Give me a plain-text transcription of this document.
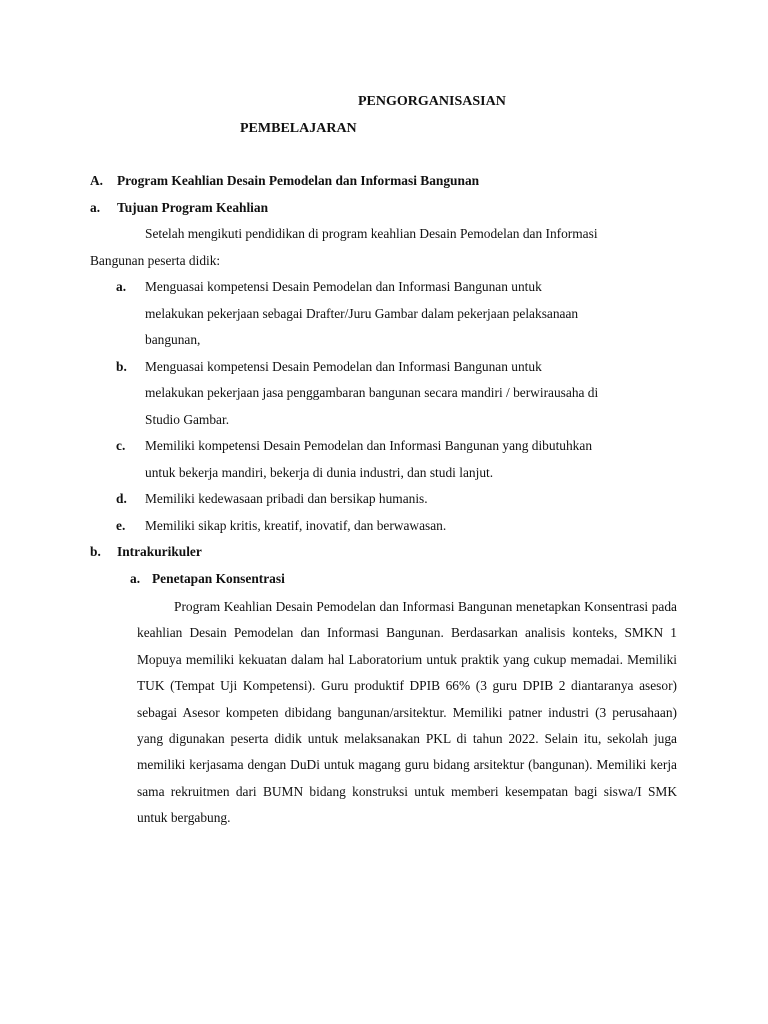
PENGORGANISASIAN
PEMBELAJARAN
A. Program Keahlian Desain Pemodelan dan Informasi Bangunan
a. Tujuan Program Keahlian
Setelah mengikuti pendidikan di program keahlian Desain Pemodelan dan Informasi
Bangunan peserta didik:
a. Menguasai kompetensi Desain Pemodelan dan Informasi Bangunan untuk
melakukan pekerjaan sebagai Drafter/Juru Gambar dalam pekerjaan pelaksanaan
bangunan,
b. Menguasai kompetensi Desain Pemodelan dan Informasi Bangunan untuk
melakukan pekerjaan jasa penggambaran bangunan secara mandiri / berwirausaha di
Studio Gambar.
c. Memiliki kompetensi Desain Pemodelan dan Informasi Bangunan yang dibutuhkan
untuk bekerja mandiri, bekerja di dunia industri, dan studi lanjut.
d. Memiliki kedewasaan pribadi dan bersikap humanis.
e. Memiliki sikap kritis, kreatif, inovatif, dan berwawasan.
b. Intrakurikuler
a. Penetapan Konsentrasi
Program Keahlian Desain Pemodelan dan Informasi Bangunan menetapkan Konsentrasi pada keahlian Desain Pemodelan dan Informasi Bangunan. Berdasarkan analisis konteks, SMKN 1 Mopuya memiliki kekuatan dalam hal Laboratorium untuk praktik yang cukup memadai. Memiliki TUK (Tempat Uji Kompetensi). Guru produktif DPIB 66% (3 guru DPIB 2 diantaranya asesor) sebagai Asesor kompeten dibidang bangunan/arsitektur. Memiliki patner industri (3 perusahaan) yang digunakan peserta didik untuk melaksanakan PKL di tahun 2022. Selain itu, sekolah juga memiliki kerjasama dengan DuDi untuk magang guru bidang arsitektur (bangunan). Memiliki kerja sama rekruitmen dari BUMN bidang konstruksi untuk memberi kesempatan bagi siswa/I SMK untuk bergabung.
